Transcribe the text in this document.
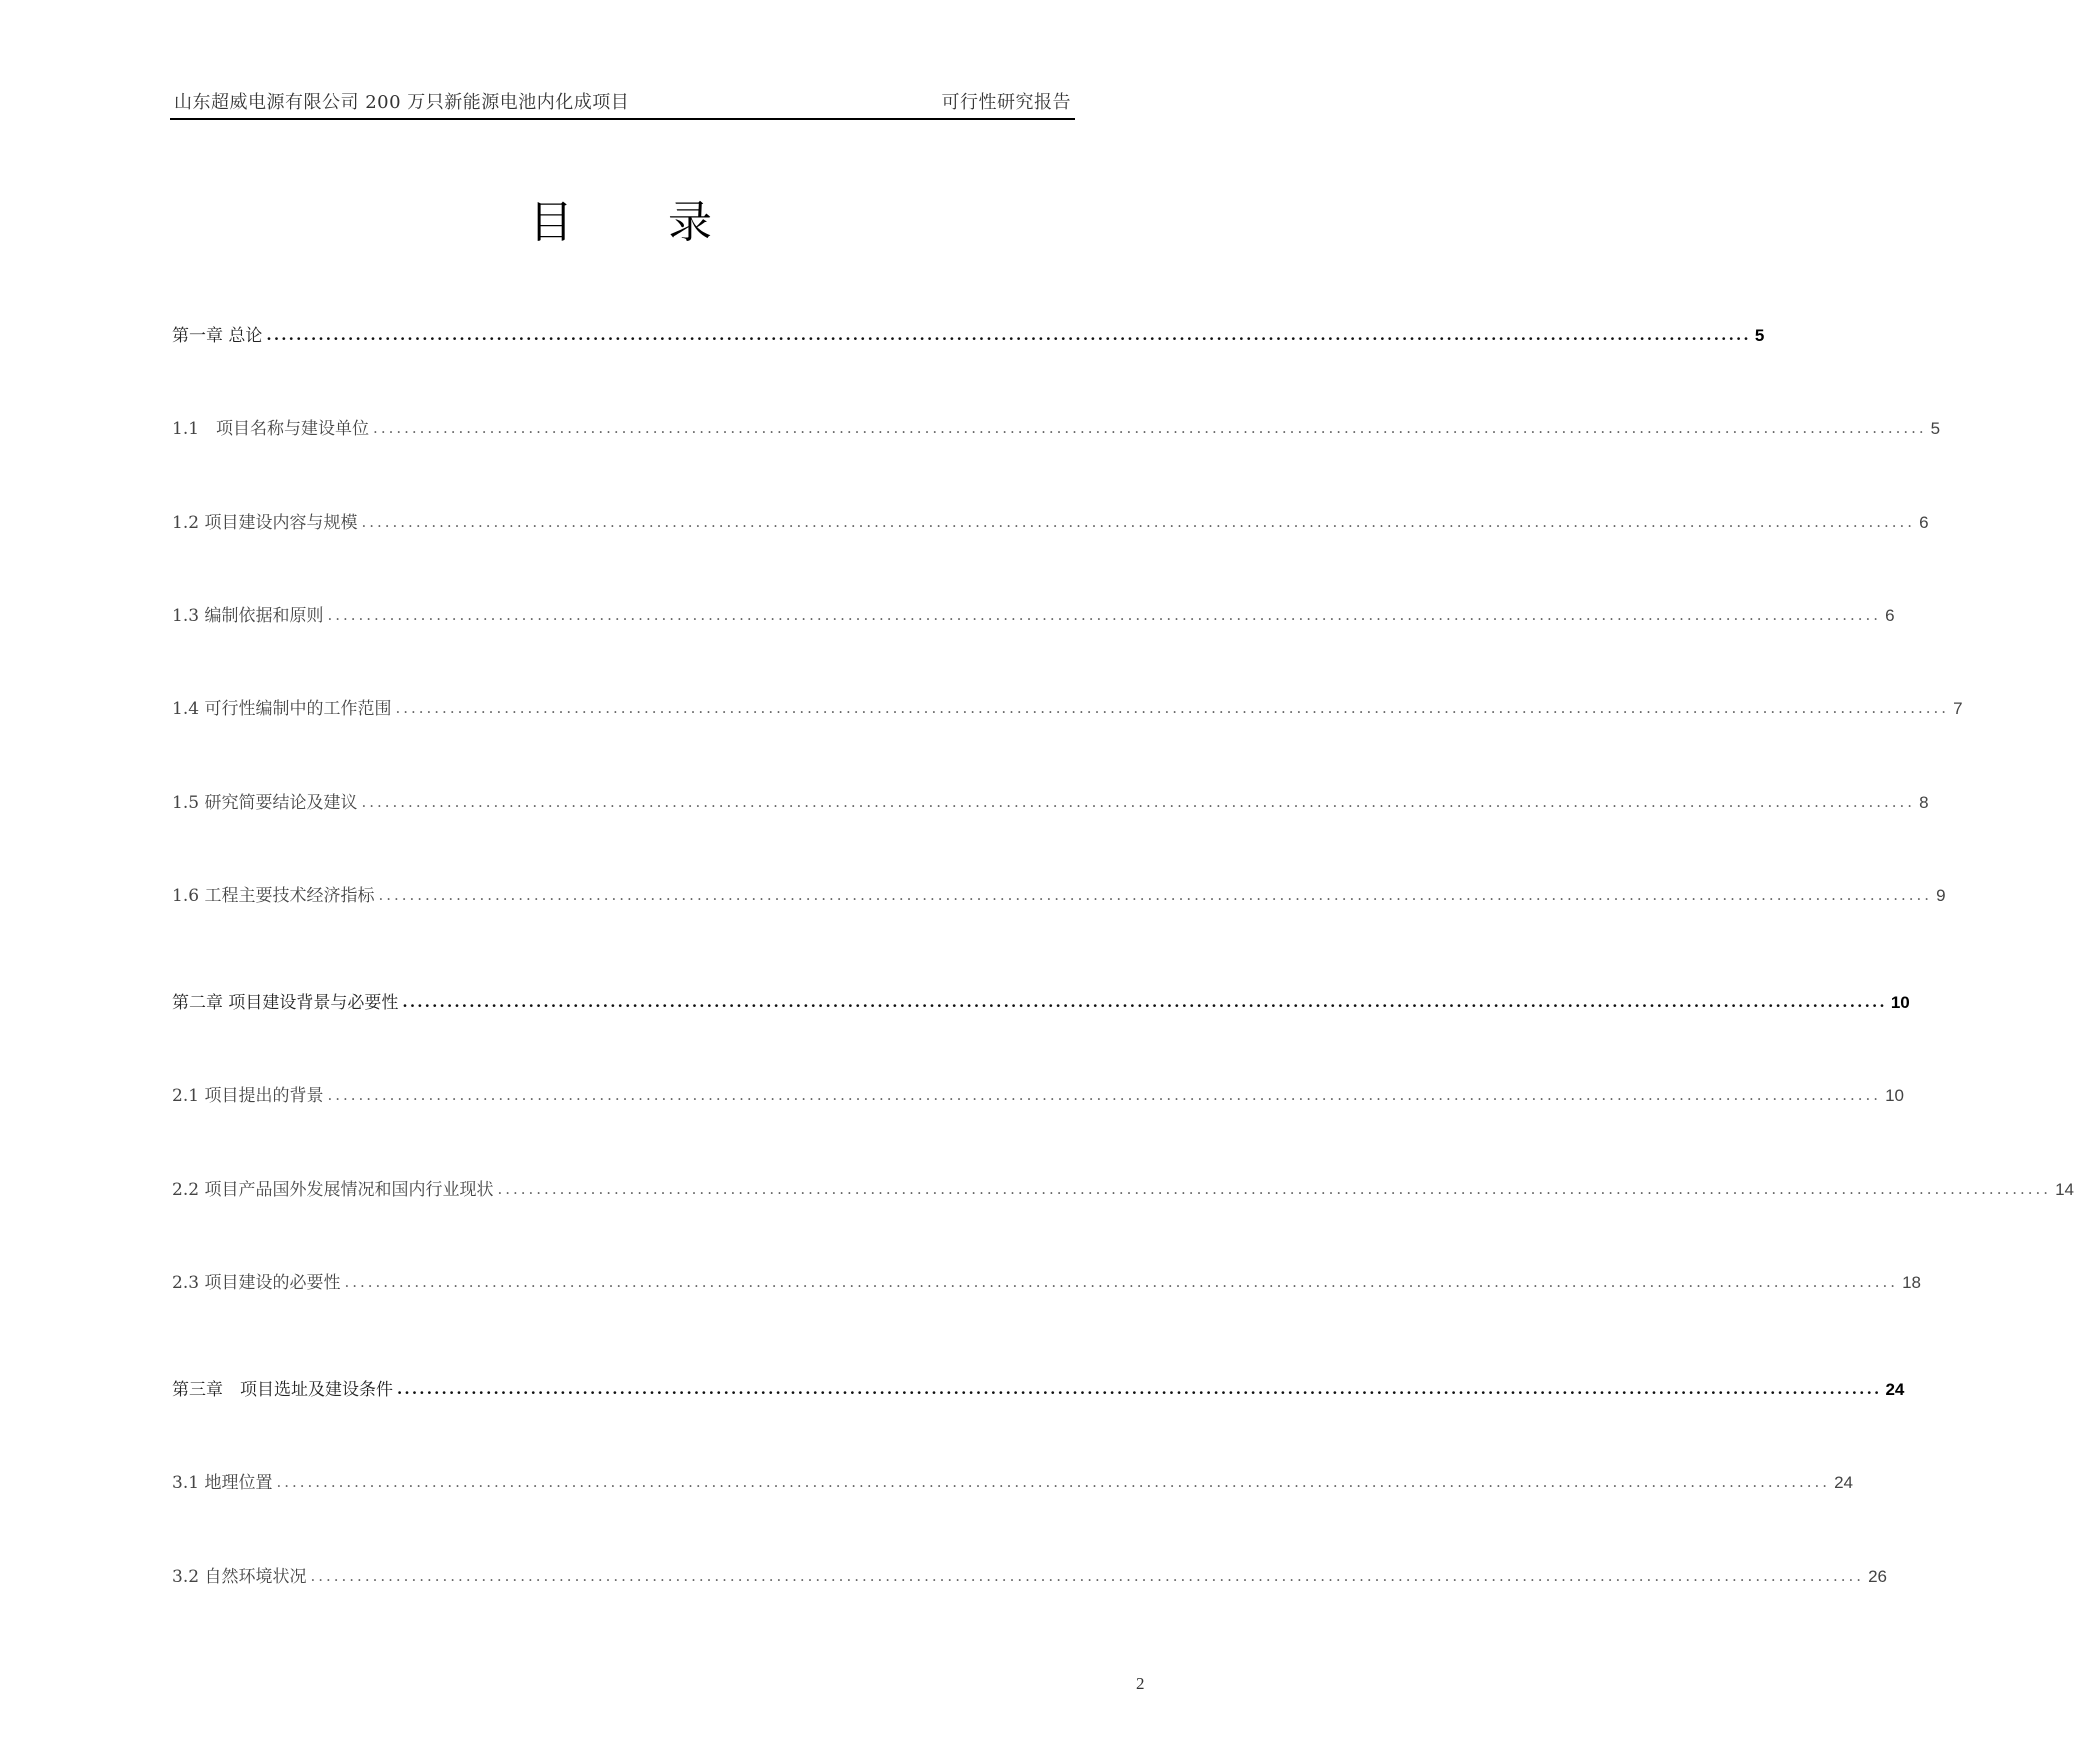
山东超威电源有限公司 200 万只新能源电池内化成项目	可行性研究报告
目录
第一章 总论 ........................................................................................................................................................................................................ 5
1.1　项目名称与建设单位 ........................................................................................................................................................................................................ 5
1.2 项目建设内容与规模 ........................................................................................................................................................................................................ 6
1.3 编制依据和原则 ........................................................................................................................................................................................................ 6
1.4 可行性编制中的工作范围 ........................................................................................................................................................................................................ 7
1.5 研究简要结论及建议 ........................................................................................................................................................................................................ 8
1.6 工程主要技术经济指标 ........................................................................................................................................................................................................ 9
第二章 项目建设背景与必要性 ........................................................................................................................................................................................................ 10
2.1 项目提出的背景 ........................................................................................................................................................................................................ 10
2.2 项目产品国外发展情况和国内行业现状 ........................................................................................................................................................................................................ 14
2.3 项目建设的必要性 ........................................................................................................................................................................................................ 18
第三章　项目选址及建设条件 ........................................................................................................................................................................................................ 24
3.1 地理位置 ........................................................................................................................................................................................................ 24
3.2 自然环境状况 ........................................................................................................................................................................................................ 26
2
